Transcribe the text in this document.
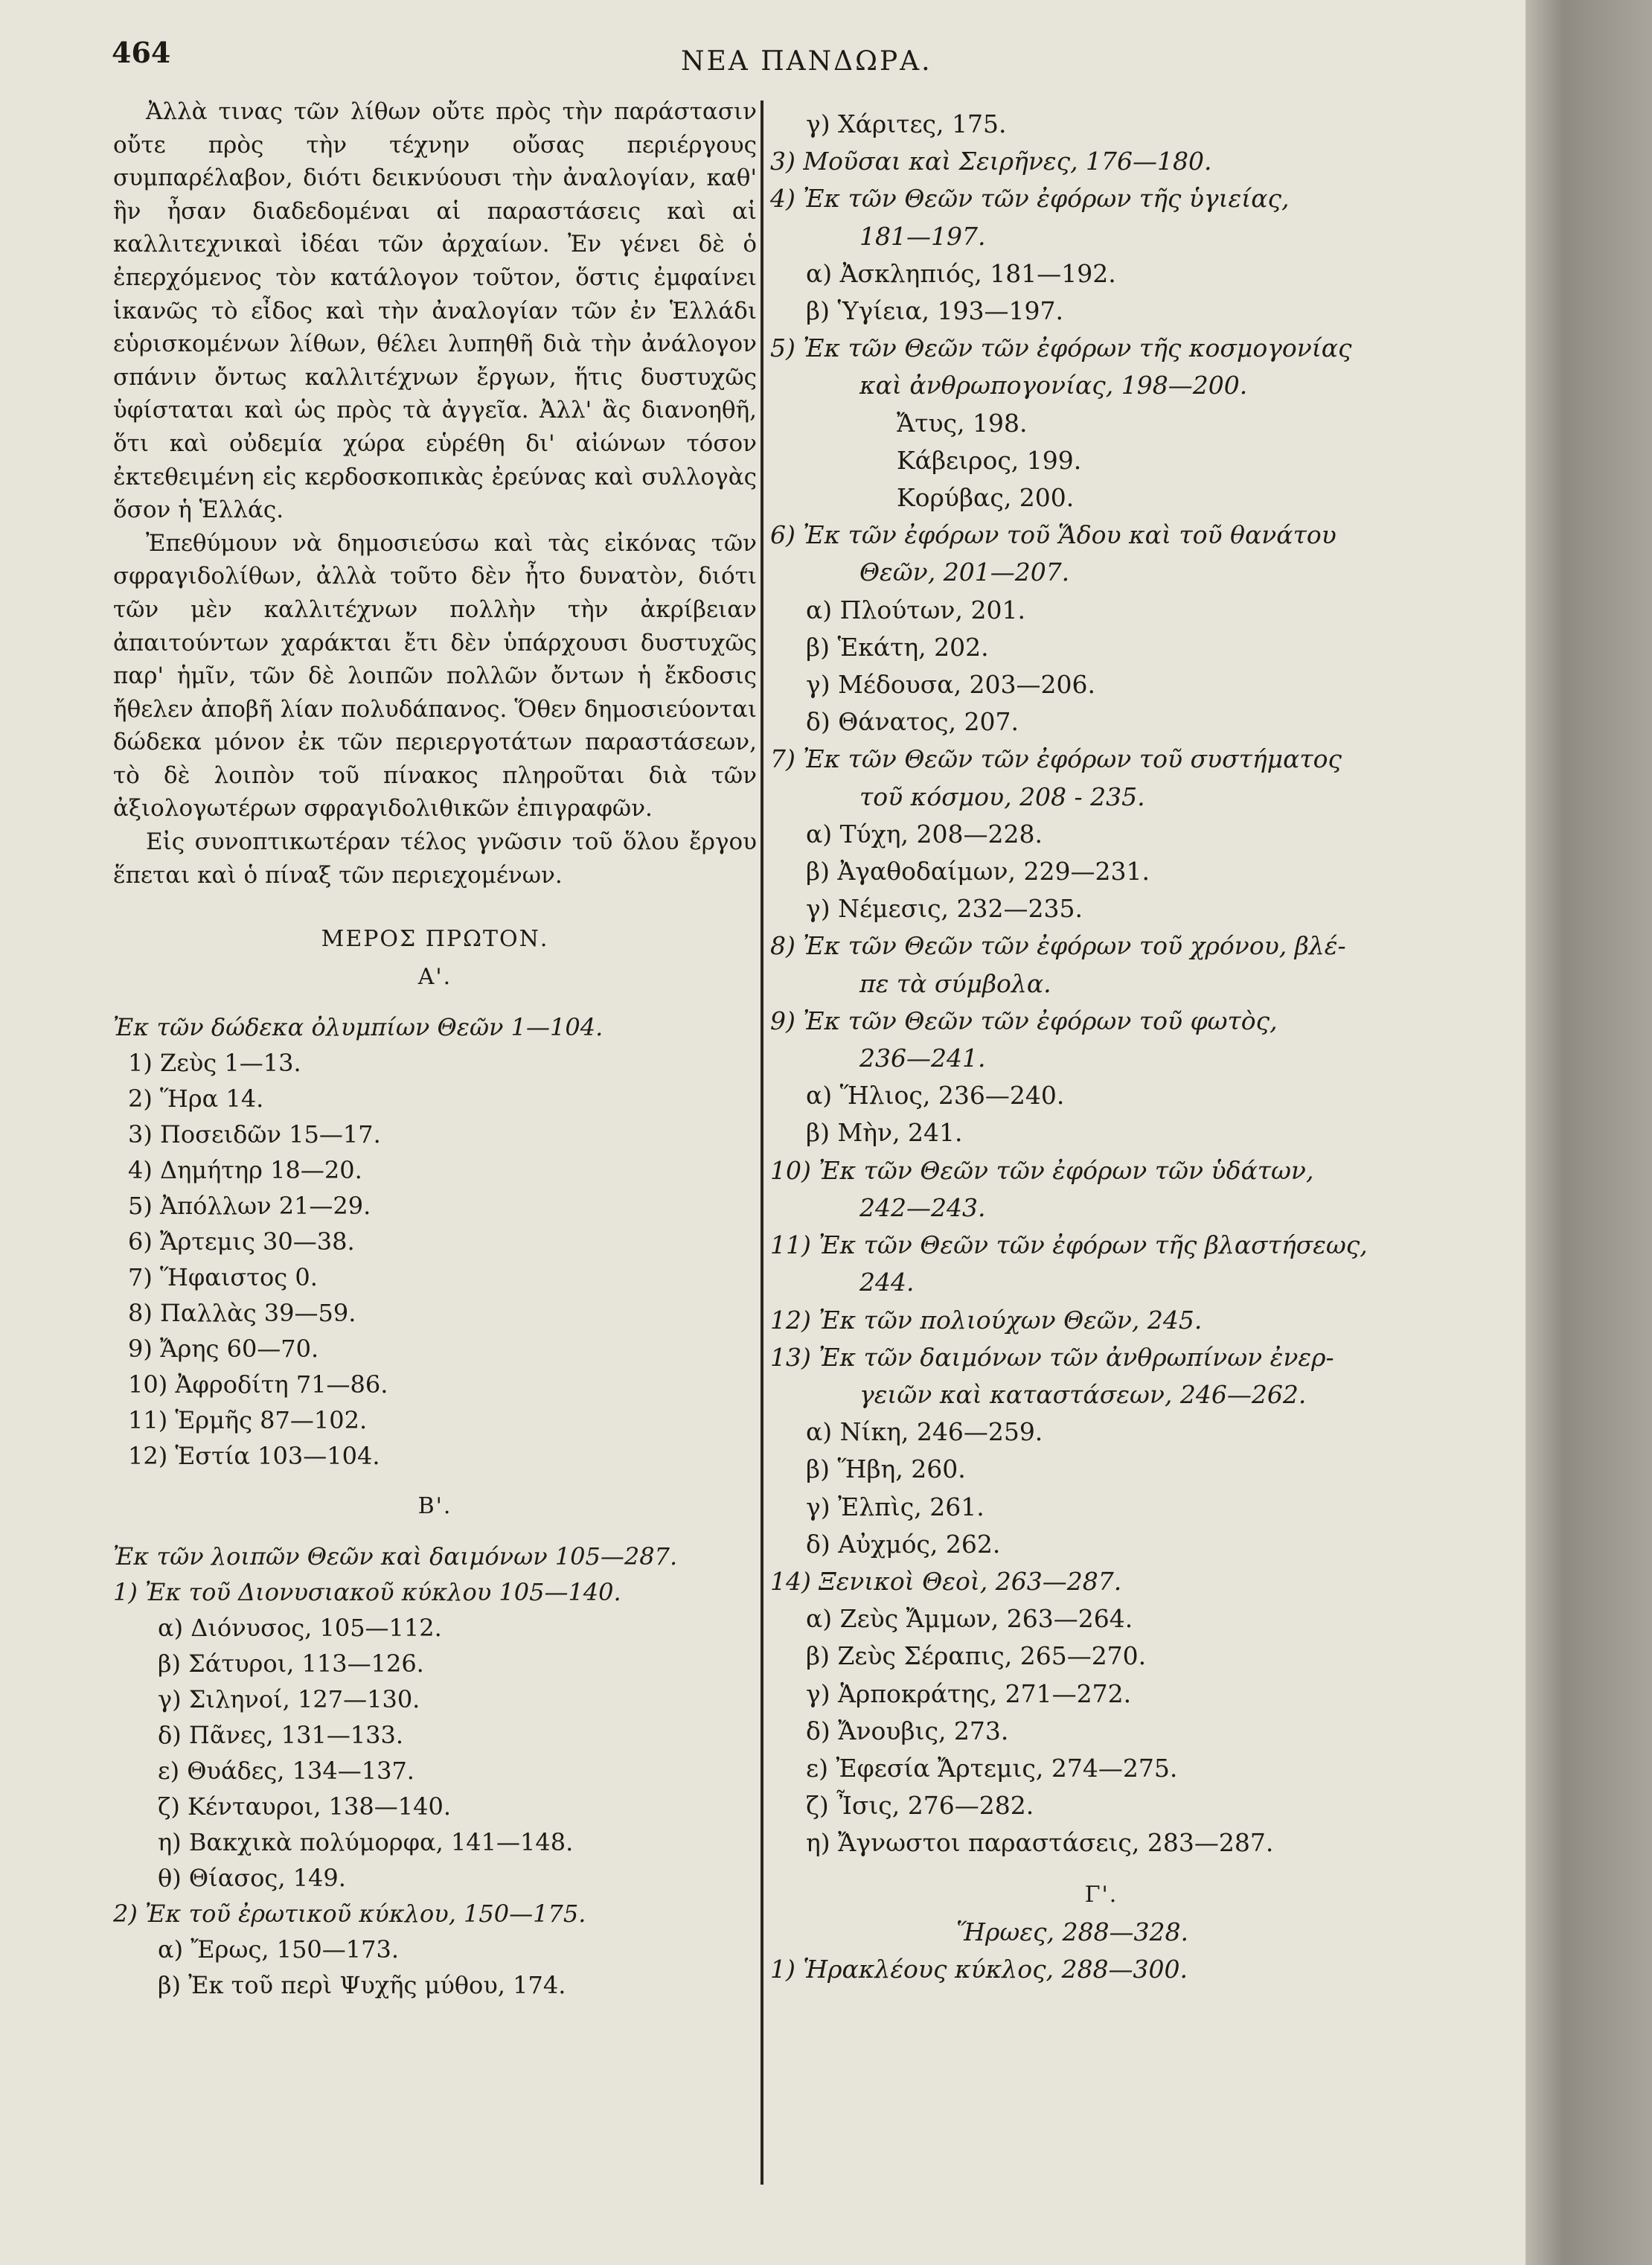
464	ΝΕΑ ΠΑΝΔΩΡΑ.

Ἀλλὰ τινας τῶν λίθων οὔτε πρὸς τὴν παράστασιν οὔτε πρὸς τὴν τέχνην οὔσας περιέργους συμπαρέλαβον, διότι δεικνύουσι τὴν ἀναλογίαν, καθ' ἣν ἦσαν διαδεδομέναι αἱ παραστάσεις καὶ αἱ καλλιτεχνικαὶ ἰδέαι τῶν ἀρχαίων. Ἐν γένει δὲ ὁ ἐπερχόμενος τὸν κατάλογον τοῦτον, ὅστις ἐμφαίνει ἱκανῶς τὸ εἶδος καὶ τὴν ἀναλογίαν τῶν ἐν Ἑλλάδι εὑρισκομένων λίθων, θέλει λυπηθῆ διὰ τὴν ἀνάλογον σπάνιν ὄντως καλλιτέχνων ἔργων, ἥτις δυστυχῶς ὑφίσταται καὶ ὡς πρὸς τὰ ἀγγεῖα. Ἀλλ' ἂς διανοηθῆ, ὅτι καὶ οὐδεμία χώρα εὑρέθη δι' αἰώνων τόσον ἐκτεθειμένη εἰς κερδοσκοπικὰς ἐρεύνας καὶ συλλογὰς ὅσον ἡ Ἑλλάς.

Ἐπεθύμουν νὰ δημοσιεύσω καὶ τὰς εἰκόνας τῶν σφραγιδολίθων, ἀλλὰ τοῦτο δὲν ἦτο δυνατὸν, διότι τῶν μὲν καλλιτέχνων πολλὴν τὴν ἀκρίβειαν ἀπαιτούντων χαράκται ἔτι δὲν ὑπάρχουσι δυστυχῶς παρ' ἡμῖν, τῶν δὲ λοιπῶν πολλῶν ὄντων ἡ ἔκδοσις ἤθελεν ἀποβῆ λίαν πολυδάπανος. Ὅθεν δημοσιεύονται δώδεκα μόνον ἐκ τῶν περιεργοτάτων παραστάσεων, τὸ δὲ λοιπὸν τοῦ πίνακος πληροῦται διὰ τῶν ἀξιολογωτέρων σφραγιδολιθικῶν ἐπιγραφῶν.

Εἰς συνοπτικωτέραν τέλος γνῶσιν τοῦ ὅλου ἔργου ἕπεται καὶ ὁ πίναξ τῶν περιεχομένων.

ΜΕΡΟΣ ΠΡΩΤΟΝ.

Α'.

Ἐκ τῶν δώδεκα ὀλυμπίων Θεῶν 1—104.
1) Ζεὺς 1—13.
2) Ἥρα 14.
3) Ποσειδῶν 15—17.
4) Δημήτηρ 18—20.
5) Ἀπόλλων 21—29.
6) Ἄρτεμις 30—38.
7) Ἥφαιστος 0.
8) Παλλὰς 39—59.
9) Ἄρης 60—70.
10) Ἀφροδίτη 71—86.
11) Ἑρμῆς 87—102.
12) Ἑστία 103—104.

Β'.

Ἐκ τῶν λοιπῶν Θεῶν καὶ δαιμόνων 105—287.
1) Ἐκ τοῦ Διονυσιακοῦ κύκλου 105—140.
α) Διόνυσος, 105—112.
β) Σάτυροι, 113—126.
γ) Σιληνοί, 127—130.
δ) Πᾶνες, 131—133.
ε) Θυάδες, 134—137.
ζ) Κένταυροι, 138—140.
η) Βακχικὰ πολύμορφα, 141—148.
θ) Θίασος, 149.
2) Ἐκ τοῦ ἐρωτικοῦ κύκλου, 150—175.
α) Ἔρως, 150—173.
β) Ἐκ τοῦ περὶ Ψυχῆς μύθου, 174.
γ) Χάριτες, 175.
3) Μοῦσαι καὶ Σειρῆνες, 176—180.
4) Ἐκ τῶν Θεῶν τῶν ἐφόρων τῆς ὑγιείας,
181—197.
α) Ἀσκληπιός, 181—192.
β) Ὑγίεια, 193—197.
5) Ἐκ τῶν Θεῶν τῶν ἐφόρων τῆς κοσμογονίας
καὶ ἀνθρωπογονίας, 198—200.
Ἄτυς, 198.
Κάβειρος, 199.
Κορύβας, 200.
6) Ἐκ τῶν ἐφόρων τοῦ Ἅδου καὶ τοῦ θανάτου
Θεῶν, 201—207.
α) Πλούτων, 201.
β) Ἑκάτη, 202.
γ) Μέδουσα, 203—206.
δ) Θάνατος, 207.
7) Ἐκ τῶν Θεῶν τῶν ἐφόρων τοῦ συστήματος
τοῦ κόσμου, 208 - 235.
α) Τύχη, 208—228.
β) Ἀγαθοδαίμων, 229—231.
γ) Νέμεσις, 232—235.
8) Ἐκ τῶν Θεῶν τῶν ἐφόρων τοῦ χρόνου, βλέ-
πε τὰ σύμβολα.
9) Ἐκ τῶν Θεῶν τῶν ἐφόρων τοῦ φωτὸς,
236—241.
α) Ἥλιος, 236—240.
β) Μὴν, 241.
10) Ἐκ τῶν Θεῶν τῶν ἐφόρων τῶν ὑδάτων,
242—243.
11) Ἐκ τῶν Θεῶν τῶν ἐφόρων τῆς βλαστήσεως,
244.
12) Ἐκ τῶν πολιούχων Θεῶν, 245.
13) Ἐκ τῶν δαιμόνων τῶν ἀνθρωπίνων ἐνερ-
γειῶν καὶ καταστάσεων, 246—262.
α) Νίκη, 246—259.
β) Ἥβη, 260.
γ) Ἐλπὶς, 261.
δ) Αὐχμός, 262.
14) Ξενικοὶ Θεοὶ, 263—287.
α) Ζεὺς Ἄμμων, 263—264.
β) Ζεὺς Σέραπις, 265—270.
γ) Ἁρποκράτης, 271—272.
δ) Ἄνουβις, 273.
ε) Ἐφεσία Ἄρτεμις, 274—275.
ζ) Ἶσις, 276—282.
η) Ἄγνωστοι παραστάσεις, 283—287.

Γ'.

Ἥρωες, 288—328.
1) Ἡρακλέους κύκλος, 288—300.
